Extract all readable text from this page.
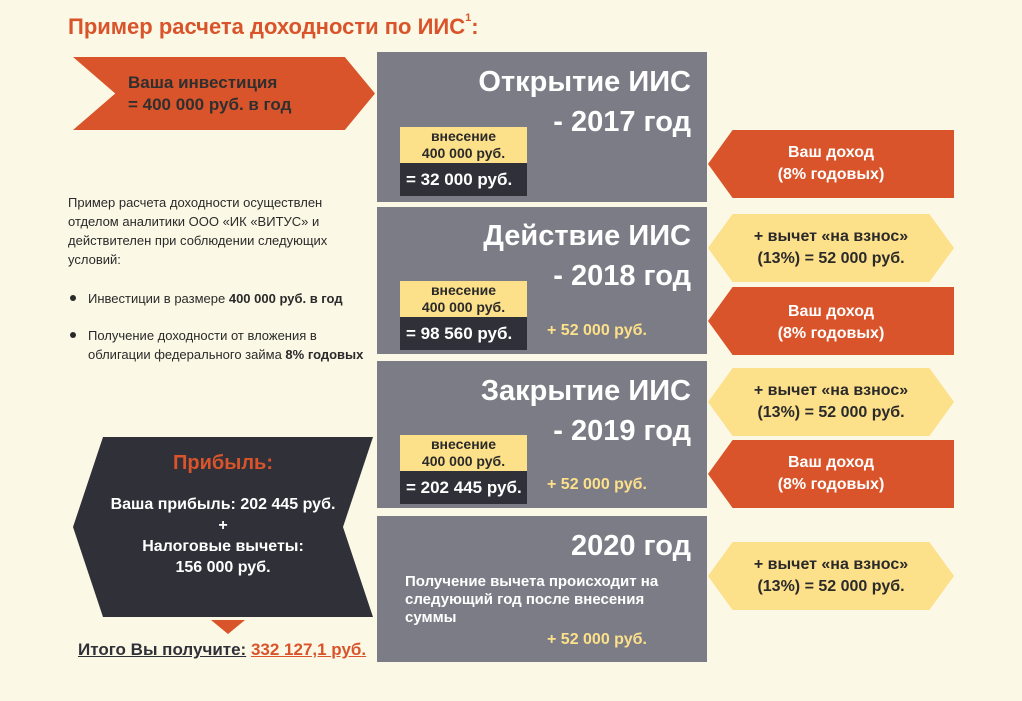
Пример расчета доходности по ИИС$^1$:
Ваша инвестиция
= 400 000 руб. в год
Пример расчета доходности осуществлен отделом аналитики ООО «ИК «ВИТУС» и действителен при соблюдении следующих условий:
Инвестиции в размере 400 000 руб. в год
Получение доходности от вложения в облигации федерального займа 8% годовых
Прибыль:
Ваша прибыль: 202 445 руб.
+
Налоговые вычеты:
156 000 руб.
Итого Вы получите: 332 127,1 руб.
Открытие ИИС
- 2017 год
внесение
400 000 руб.
= 32 000 руб.
Действие ИИС
- 2018 год
внесение
400 000 руб.
= 98 560 руб.	+ 52 000 руб.
Закрытие ИИС
- 2019 год
внесение
400 000 руб.
= 202 445 руб.	+ 52 000 руб.
2020 год
Получение вычета происходит на следующий год после внесения суммы
+ 52 000 руб.
Ваш доход
(8% годовых)
+ вычет «на взнос»
(13%) = 52 000 руб.
Ваш доход
(8% годовых)
+ вычет «на взнос»
(13%) = 52 000 руб.
Ваш доход
(8% годовых)
+ вычет «на взнос»
(13%) = 52 000 руб.
